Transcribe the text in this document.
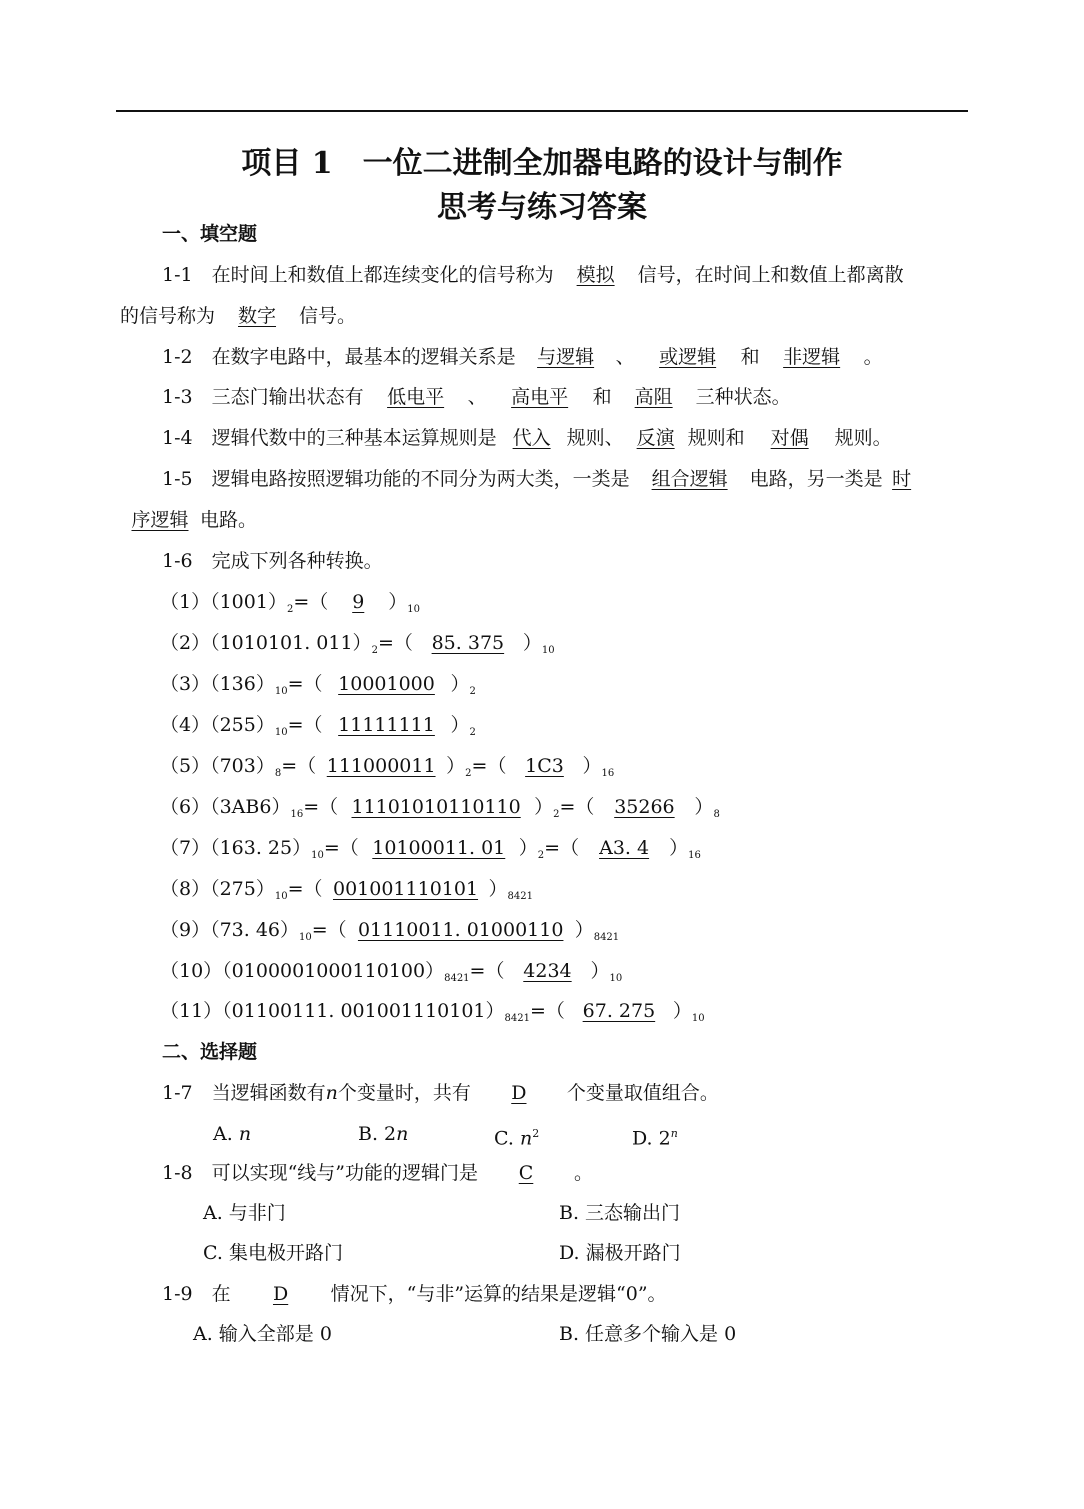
项目 1　一位二进制全加器电路的设计与制作
思考与练习答案
一、填空题
1-1　在时间上和数值上都连续变化的信号称为 模拟 信号，在时间上和数值上都离散
的信号称为 数字 信号。
1-2　在数字电路中，最基本的逻辑关系是 与逻辑 、 或逻辑 和 非逻辑 。
1-3　三态门输出状态有 低电平 、 高电平 和 高阻 三种状态。
1-4　逻辑代数中的三种基本运算规则是 代入 规则、 反演 规则和 对偶 规则。
1-5　逻辑电路按照逻辑功能的不同分为两大类，一类是 组合逻辑 电路，另一类是 时
序逻辑 电路。
1-6　完成下列各种转换。
$(1)(1001)_2=$（ 9 ）$_{10}$
（2）（1010101. $011)_2=$（ 85. 375 ）$_{10}$
$(3)(136)_{10}=$（ 10001000 ）$_2$
$(4)(255)_{10}=$（ 11111111 ）$_2$
$(5)(703)_8=$（ 111000011 ）$_2=$（ 1C3 ）$_{16}$
$(6)(3AB6)_{16}=$（ 11101010110110 ）$_2=$（ 35266 ）$_8$
（7）（163. $25)_{10}=$（ 10100011. 01 ）$_2=$（ A3. 4 ）$_{16}$
$(8)(275)_{10}=$（ 001001110101 ）$_{8421}$
（9）（73. $46)_{10}=$（ 01110011. 01000110 ）$_{8421}$
$(10)(0100001000110100)_{8421}=$（ 4234 ）$_{10}$
（11）（01100111. $001001110101)_{8421}=$（ 67. 275 ）$_{10}$
二、选择题
1-7　当逻辑函数有n个变量时，共有 D 个变量取值组合。
A. n	B. 2n	C. $n^2$	D. 2$^n$
1-8　可以实现“线与”功能的逻辑门是 C 。
A. 与非门	B. 三态输出门
C. 集电极开路门	D. 漏极开路门
1-9　在 D 情况下，“与非”运算的结果是逻辑“0”。
A. 输入全部是 0	B. 任意多个输入是 0
